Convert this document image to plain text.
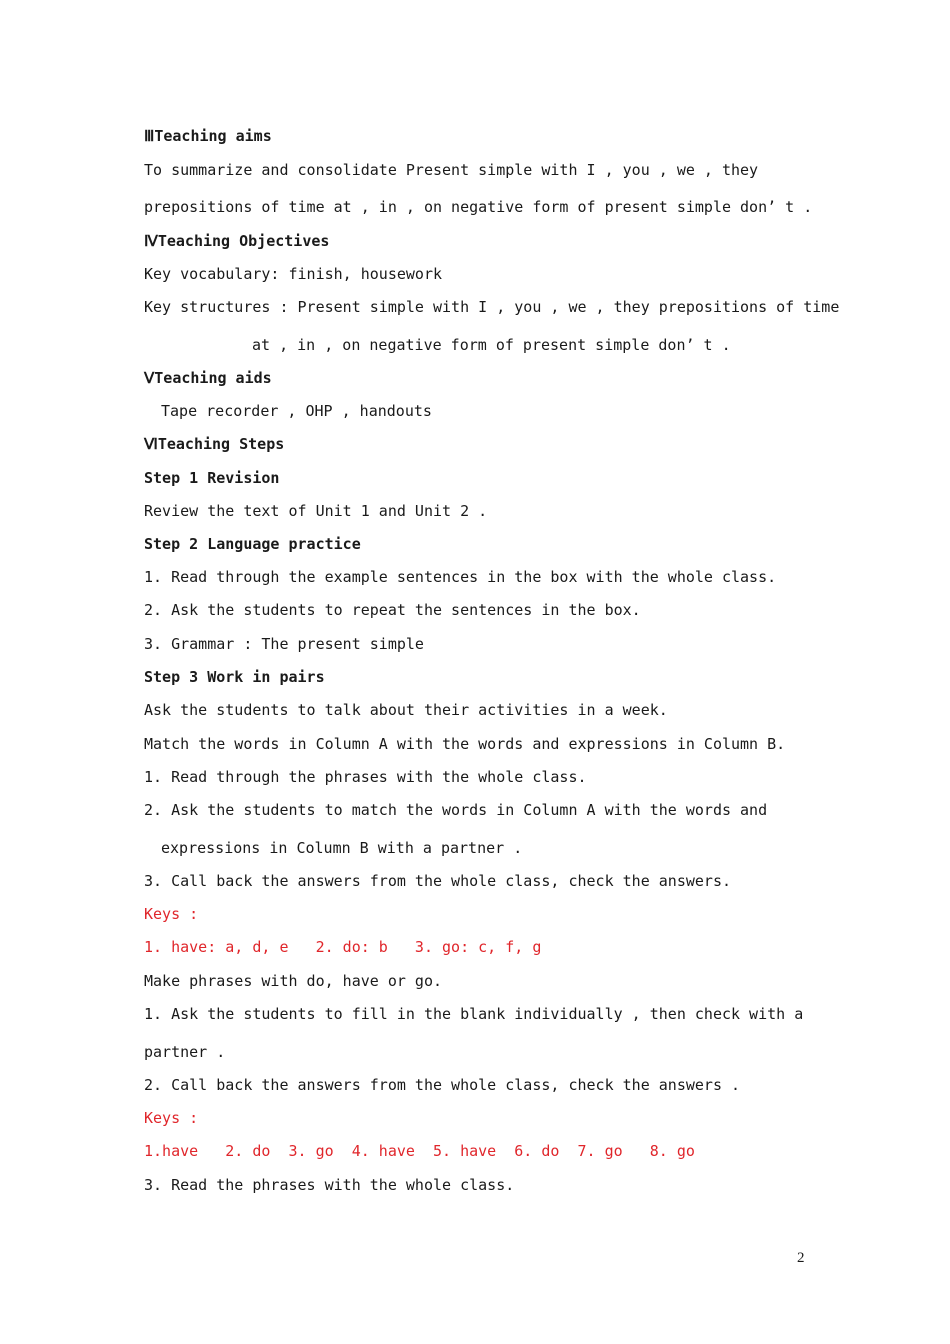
ⅢTeaching aims
To summarize and consolidate Present simple with I , you , we , they
prepositions of time at , in , on negative form of present simple don’ t .
ⅣTeaching Objectives
Key vocabulary: finish, housework
Key structures : Present simple with I , you , we , they prepositions of time
at , in , on negative form of present simple don’ t .
ⅤTeaching aids
Tape recorder , OHP , handouts
ⅥTeaching Steps
Step 1 Revision
Review the text of Unit 1 and Unit 2 .
Step 2 Language practice
1. Read through the example sentences in the box with the whole class.
2. Ask the students to repeat the sentences in the box.
3. Grammar : The present simple
Step 3 Work in pairs
Ask the students to talk about their activities in a week.
Match the words in Column A with the words and expressions in Column B.
1. Read through the phrases with the whole class.
2. Ask the students to match the words in Column A with the words and
expressions in Column B with a partner .
3. Call back the answers from the whole class, check the answers.
Keys :
1. have: a, d, e   2. do: b   3. go: c, f, g
Make phrases with do, have or go.
1. Ask the students to fill in the blank individually , then check with a
partner .
2. Call back the answers from the whole class, check the answers .
Keys :
1.have   2. do  3. go  4. have  5. have  6. do  7. go   8. go
3. Read the phrases with the whole class.
2
